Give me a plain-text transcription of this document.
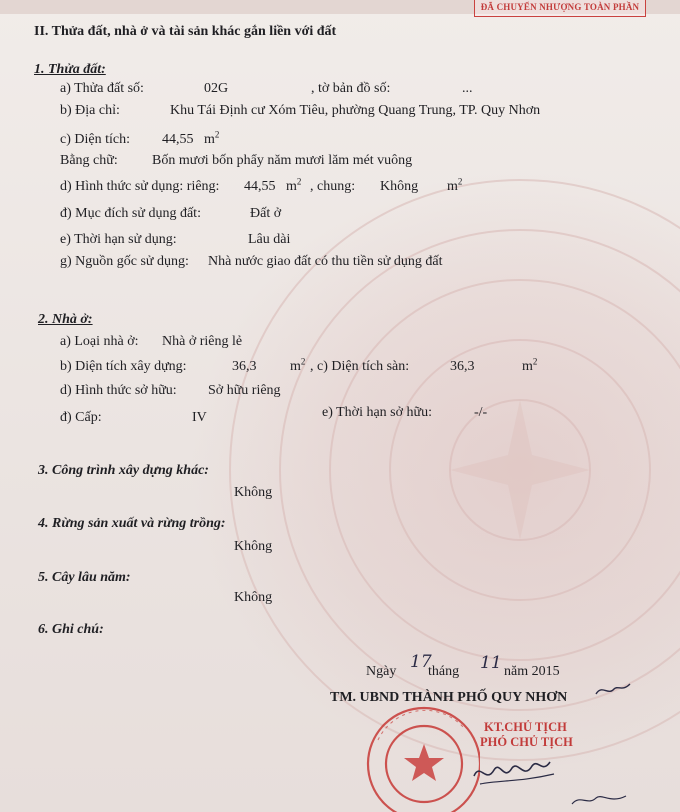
ĐÃ CHUYỂN NHƯỢNG TOÀN PHẦN
II. Thửa đất, nhà ở và tài sản khác gắn liền với đất
1. Thửa đất:
a) Thửa đất số:	02G	, tờ bản đồ số:	...
b) Địa chỉ:	Khu Tái Định cư Xóm Tiêu, phường Quang Trung, TP. Quy Nhơn
c) Diện tích: 44,55 $m^2$
Bằng chữ: Bốn mươi bốn phẩy năm mươi lăm mét vuông
d) Hình thức sử dụng: riêng: 44,55 $m^2$ , chung: Không $m^2$
đ) Mục đích sử dụng đất:	Đất ở
e) Thời hạn sử dụng:	Lâu dài
g) Nguồn gốc sử dụng: Nhà nước giao đất có thu tiền sử dụng đất
2. Nhà ở:
a) Loại nhà ở: Nhà ở riêng lẻ
b) Diện tích xây dựng:	36,3 $m^2$ , c) Diện tích sàn:	36,3	$m^2$
d) Hình thức sở hữu: Sở hữu riêng
đ) Cấp:	IV	e) Thời hạn sở hữu:	-/-
3. Công trình xây dựng khác:
Không
4. Rừng sản xuất và rừng trồng:
Không
5. Cây lâu năm:
Không
6. Ghi chú:
Ngày 17
tháng 11 năm 2015
TM. UBND THÀNH PHỐ QUY NHƠN
KT.CHỦ TỊCH
PHÓ CHỦ TỊCH
